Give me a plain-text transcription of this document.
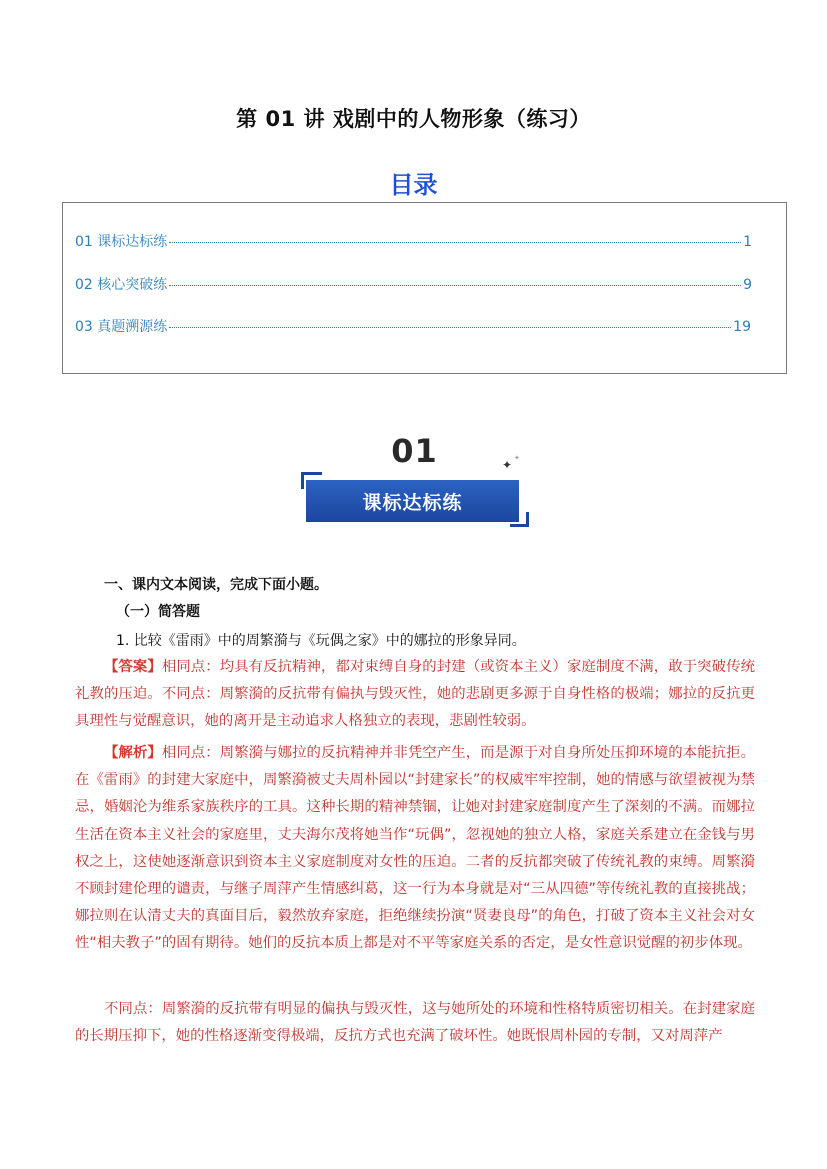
第 01 讲 戏剧中的人物形象（练习）
目录
01 课标达标练	1
02 核心突破练	9
03 真题溯源练	19
01	✦ ✦
课标达标练
一、课内文本阅读，完成下面小题。
（一）简答题
1. 比较《雷雨》中的周繁漪与《玩偶之家》中的娜拉的形象异同。

【答案】相同点：均具有反抗精神，都对束缚自身的封建（或资本主义）家庭制度不满，敢于突破传统礼教的压迫。不同点：周繁漪的反抗带有偏执与毁灭性，她的悲剧更多源于自身性格的极端；娜拉的反抗更具理性与觉醒意识，她的离开是主动追求人格独立的表现，悲剧性较弱。

【解析】相同点：周繁漪与娜拉的反抗精神并非凭空产生，而是源于对自身所处压抑环境的本能抗拒。在《雷雨》的封建大家庭中，周繁漪被丈夫周朴园以“封建家长”的权威牢牢控制，她的情感与欲望被视为禁忌，婚姻沦为维系家族秩序的工具。这种长期的精神禁锢，让她对封建家庭制度产生了深刻的不满。而娜拉生活在资本主义社会的家庭里，丈夫海尔茂将她当作“玩偶”，忽视她的独立人格，家庭关系建立在金钱与男权之上，这使她逐渐意识到资本主义家庭制度对女性的压迫。二者的反抗都突破了传统礼教的束缚。周繁漪不顾封建伦理的谴责，与继子周萍产生情感纠葛，这一行为本身就是对“三从四德”等传统礼教的直接挑战；娜拉则在认清丈夫的真面目后，毅然放弃家庭，拒绝继续扮演“贤妻良母”的角色，打破了资本主义社会对女性“相夫教子”的固有期待。她们的反抗本质上都是对不平等家庭关系的否定，是女性意识觉醒的初步体现。

不同点：周繁漪的反抗带有明显的偏执与毁灭性，这与她所处的环境和性格特质密切相关。在封建家庭的长期压抑下，她的性格逐渐变得极端，反抗方式也充满了破坏性。她既恨周朴园的专制，又对周萍产
